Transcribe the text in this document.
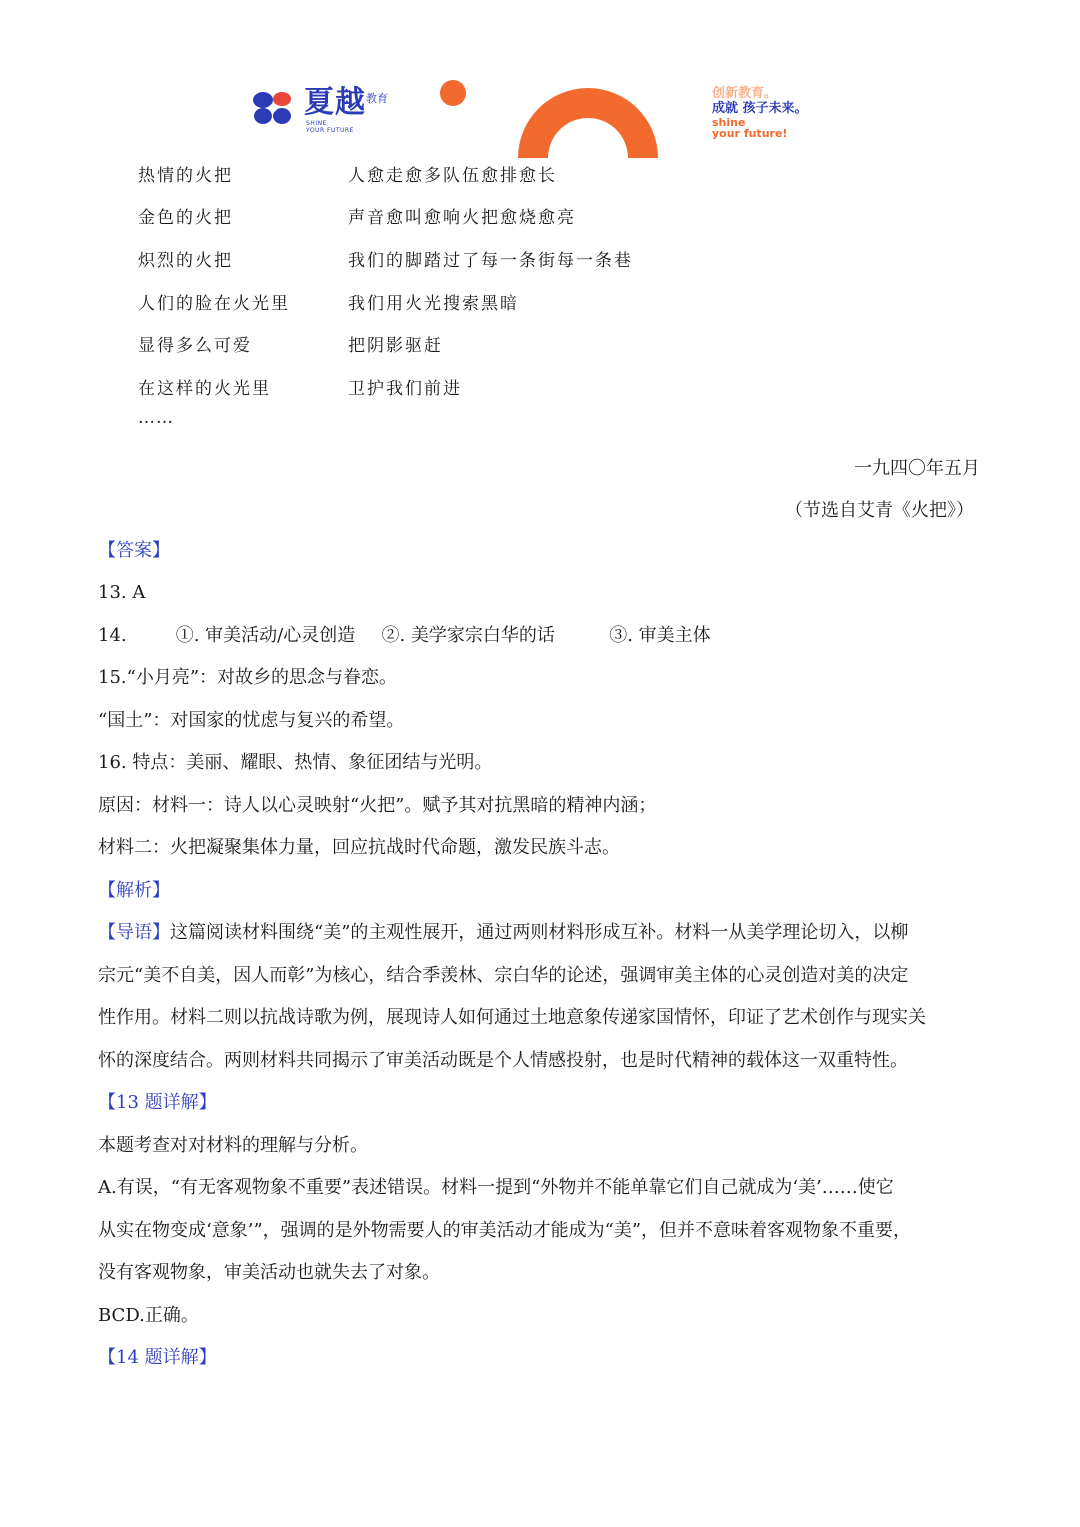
夏越 教育
SHINE
YOUR FUTURE
创新教育。
成就 孩子未来。
shine
your future!
热情的火把	人愈走愈多队伍愈排愈长
金色的火把	声音愈叫愈响火把愈烧愈亮
炽烈的火把	我们的脚踏过了每一条街每一条巷
人们的脸在火光里	我们用火光搜索黑暗
显得多么可爱	把阴影驱赶
在这样的火光里	卫护我们前进
……
一九四〇年五月
（节选自艾青《火把》）
【答案】
13. A
14.	①. 审美活动/心灵创造 ②. 美学家宗白华的话	③. 审美主体
15.“小月亮”：对故乡的思念与眷恋。
“国土”：对国家的忧虑与复兴的希望。
16. 特点：美丽、耀眼、热情、象征团结与光明。
原因：材料一：诗人以心灵映射“火把”。赋予其对抗黑暗的精神内涵；
材料二：火把凝聚集体力量，回应抗战时代命题，激发民族斗志。
【解析】
【导语】这篇阅读材料围绕“美”的主观性展开，通过两则材料形成互补。材料一从美学理论切入，以柳
宗元“美不自美，因人而彰”为核心，结合季羡林、宗白华的论述，强调审美主体的心灵创造对美的决定
性作用。材料二则以抗战诗歌为例，展现诗人如何通过土地意象传递家国情怀，印证了艺术创作与现实关
怀的深度结合。两则材料共同揭示了审美活动既是个人情感投射，也是时代精神的载体这一双重特性。
【13 题详解】
本题考查对对材料的理解与分析。
A.有误，“有无客观物象不重要”表述错误。材料一提到“外物并不能单靠它们自己就成为‘美’……使它
从实在物变成‘意象’”，强调的是外物需要人的审美活动才能成为“美”，但并不意味着客观物象不重要，
没有客观物象，审美活动也就失去了对象。
BCD.正确。
【14 题详解】
